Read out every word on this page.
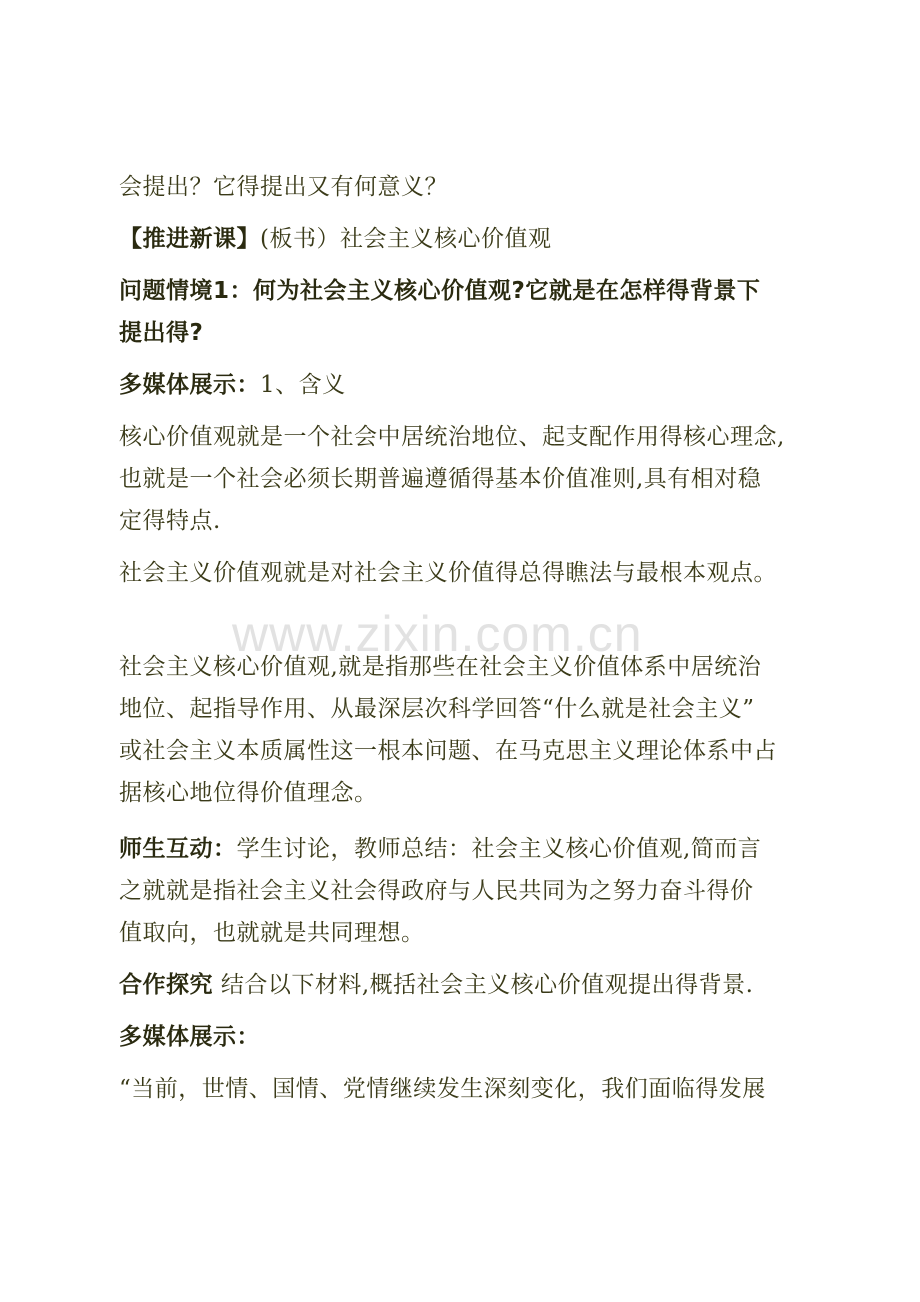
www.zixin.com.cn
会提出？它得提出又有何意义？
【推进新课】(板书）社会主义核心价值观
问题情境1：何为社会主义核心价值观?它就是在怎样得背景下
提出得?
多媒体展示：1、含义
核心价值观就是一个社会中居统治地位、起支配作用得核心理念,
也就是一个社会必须长期普遍遵循得基本价值准则,具有相对稳
定得特点.
社会主义价值观就是对社会主义价值得总得瞧法与最根本观点。
社会主义核心价值观,就是指那些在社会主义价值体系中居统治
地位、起指导作用、从最深层次科学回答“什么就是社会主义”
或社会主义本质属性这一根本问题、在马克思主义理论体系中占
据核心地位得价值理念。
师生互动：学生讨论，教师总结：社会主义核心价值观,简而言
之就就是指社会主义社会得政府与人民共同为之努力奋斗得价
值取向，也就就是共同理想。
合作探究 结合以下材料,概括社会主义核心价值观提出得背景.
多媒体展示：
“当前，世情、国情、党情继续发生深刻变化，我们面临得发展
